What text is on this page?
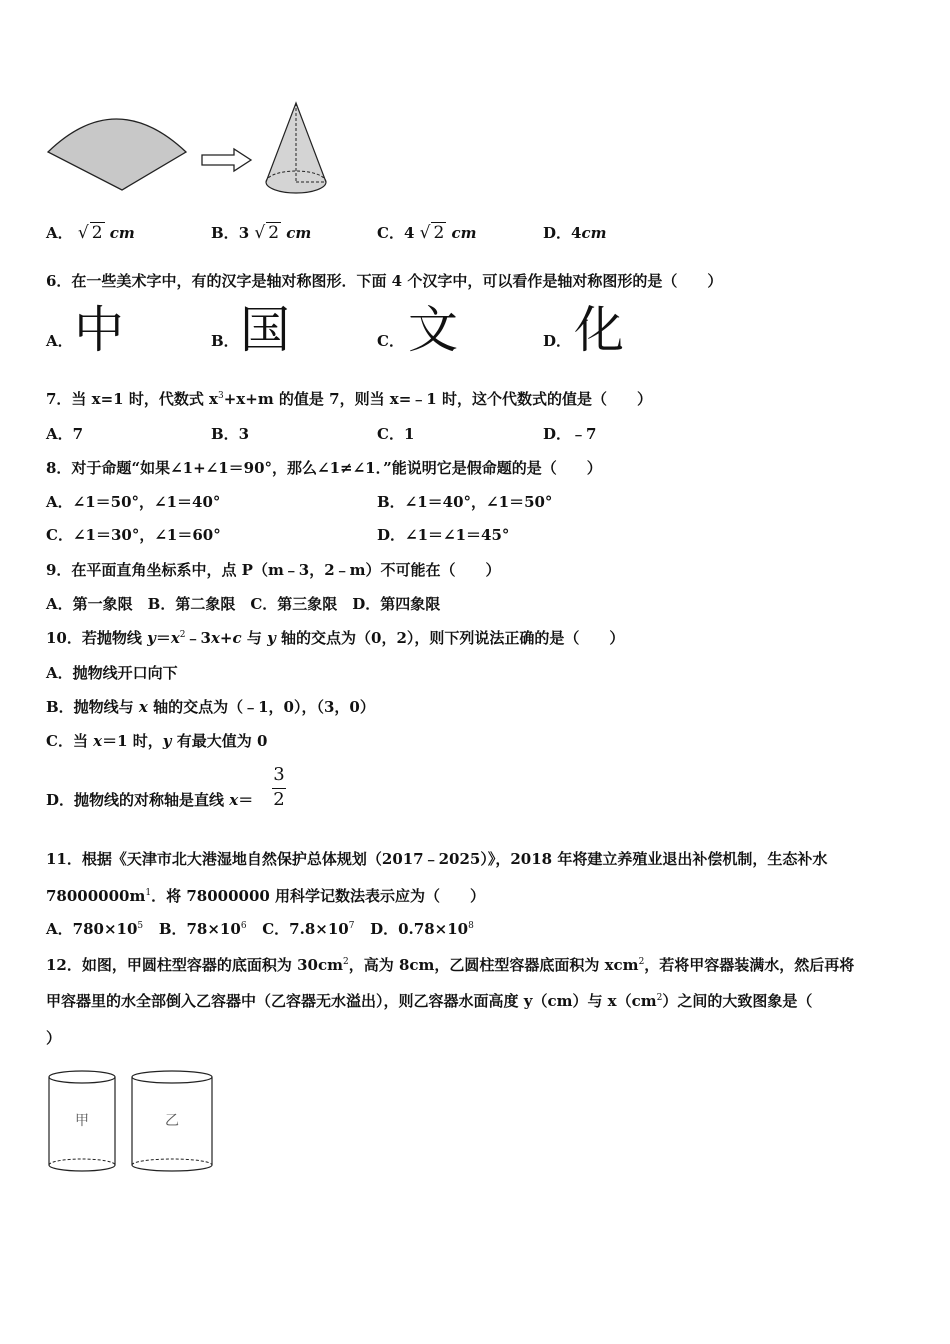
A． √ 2 cm	B．3 √ 2 cm	C．4 √ 2 cm	D．4cm
6．在一些美术字中，有的汉字是轴对称图形．下面 4 个汉字中，可以看作是轴对称图形的是（　　）
A． 中	B． 国	C． 文	D． 化
7．当 x=1 时，代数式 $x^3+x+m$ 的值是 7，则当 x=﹣1 时，这个代数式的值是（　　）
A．7	B．3	C．1	D．﹣7
8．对于命题“如果∠1+∠1＝90°，那么∠1≠∠1．”能说明它是假命题的是（　　）
A．∠1＝50°，∠1＝40°	B．∠1＝40°，∠1＝50°
C．∠1＝30°，∠1＝60°	D．∠1＝∠1＝45°
9．在平面直角坐标系中，点 P（m﹣3，2﹣m）不可能在（　　）
A．第一象限　B．第二象限　C．第三象限　D．第四象限
10．若抛物线 $y=x^2﹣3x+c$ 与 y 轴的交点为（0，2），则下列说法正确的是（　　）
A．抛物线开口向下
B．抛物线与 x 轴的交点为（﹣1，0），（3，0）
C．当 x＝1 时，y 有最大值为 0
D．抛物线的对称轴是直线 x＝
3
2
11．根据《天津市北大港湿地自然保护总体规划（2017﹣2025）》，2018 年将建立养殖业退出补偿机制，生态补水
$78000000m^1$．将 78000000 用科学记数法表示应为（　　）
A．$780\times 10^5$ B．$78\times 10^6$ C．$7.8\times 10^7$ D．$0.78\times 10^8$
12．如图，甲圆柱型容器的底面积为 $30cm^2$，高为 8cm，乙圆柱型容器底面积为 xcm$^2$，若将甲容器装满水，然后再将
甲容器里的水全部倒入乙容器中（乙容器无水溢出），则乙容器水面高度 y（cm）与 $x(cm^2)$之间的大致图象是（
）
甲	乙
